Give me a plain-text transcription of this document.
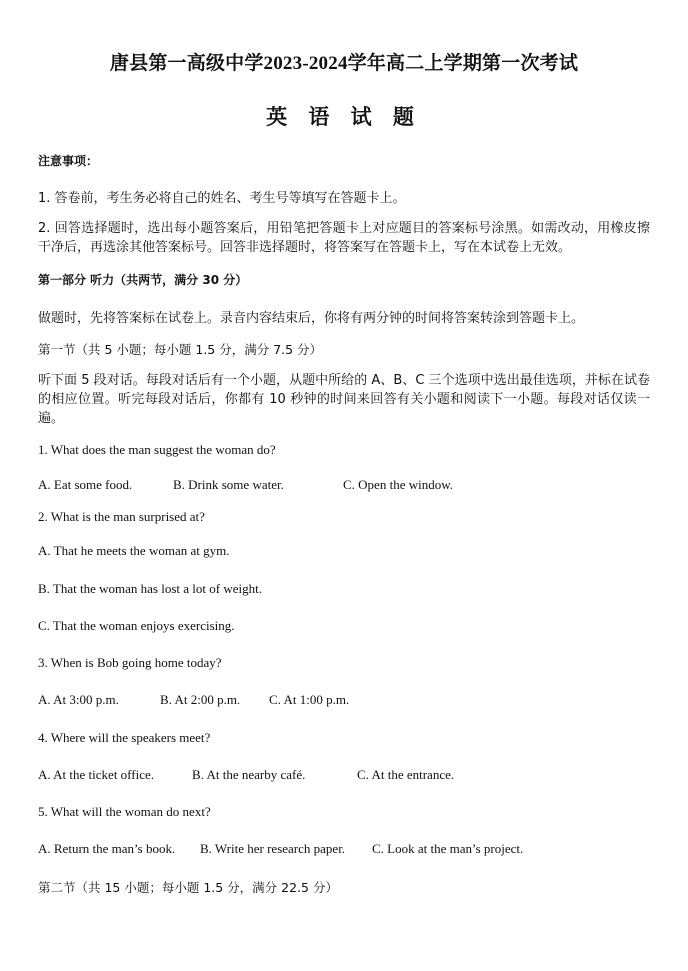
唐县第一高级中学2023-2024学年高二上学期第一次考试
英 语 试 题
注意事项：
1. 答卷前，考生务必将自己的姓名、考生号等填写在答题卡上。
2. 回答选择题时，选出每小题答案后，用铅笔把答题卡上对应题目的答案标号涂黑。如需改动，用橡皮擦干净后，再选涂其他答案标号。回答非选择题时，将答案写在答题卡上，写在本试卷上无效。
第一部分 听力（共两节，满分 30 分）
做题时，先将答案标在试卷上。录音内容结束后，你将有两分钟的时间将答案转涂到答题卡上。
第一节（共 5 小题；每小题 1.5 分，满分 7.5 分）
听下面 5 段对话。每段对话后有一个小题，从题中所给的 A、B、C 三个选项中选出最佳选项，并标在试卷的相应位置。听完每段对话后，你都有 10 秒钟的时间来回答有关小题和阅读下一小题。每段对话仅读一遍。
1. What does the man suggest the woman do?
A. Eat some food.	B. Drink some water.	C. Open the window.
2. What is the man surprised at?
A. That he meets the woman at gym.
B. That the woman has lost a lot of weight.
C. That the woman enjoys exercising.
3. When is Bob going home today?
A. At 3:00 p.m.	B. At 2:00 p.m. C. At 1:00 p.m.
4. Where will the speakers meet?
A. At the ticket office.	B. At the nearby café.	C. At the entrance.
5. What will the woman do next?
A. Return the man’s book. B. Write her research paper. C. Look at the man’s project.
第二节（共 15 小题；每小题 1.5 分，满分 22.5 分）
